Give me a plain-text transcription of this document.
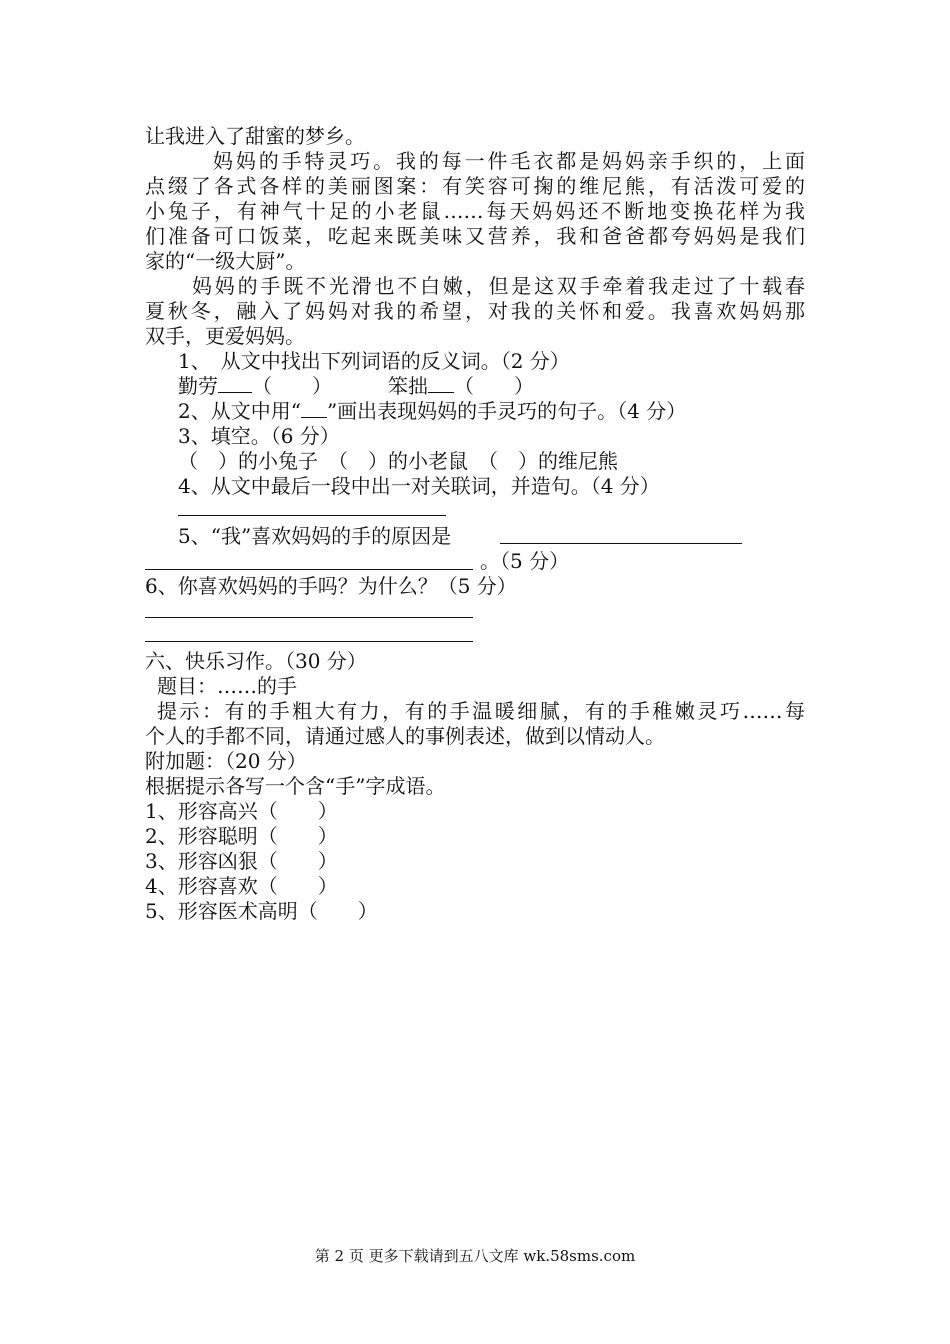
让我进入了甜蜜的梦乡。
妈妈的手特灵巧。我的每一件毛衣都是妈妈亲手织的，上面
点缀了各式各样的美丽图案：有笑容可掬的维尼熊，有活泼可爱的
小兔子，有神气十足的小老鼠……每天妈妈还不断地变换花样为我
们准备可口饭菜，吃起来既美味又营养，我和爸爸都夸妈妈是我们
家的“一级大厨”。
妈妈的手既不光滑也不白嫩，但是这双手牵着我走过了十载春
夏秋冬，融入了妈妈对我的希望，对我的关怀和爱。我喜欢妈妈那
双手，更爱妈妈。
1、　从文中找出下列词语的反义词。（2 分）
勤劳 （　　）	笨拙 （　　）
2、从文中用“ ”画出表现妈妈的手灵巧的句子。（4 分）
3、填空。（6 分）
（　）的小兔子　（　）的小老鼠　（　）的维尼熊
4、从文中最后一段中出一对关联词，并造句。（4 分）
5、“我”喜欢妈妈的手的原因是
。（5 分）
6、你喜欢妈妈的手吗？为什么？（5 分）
六、快乐习作。（30 分）
题目：……的手
提示：有的手粗大有力，有的手温暖细腻，有的手稚嫩灵巧……每
个人的手都不同，请通过感人的事例表述，做到以情动人。
附加题：（20 分）
根据提示各写一个含“手”字成语。
1、形容高兴（　　）
2、形容聪明（　　）
3、形容凶狠（　　）
4、形容喜欢（　　）
5、形容医术高明（　　）
第 2 页 更多下载请到五八文库 wk.58sms.com
